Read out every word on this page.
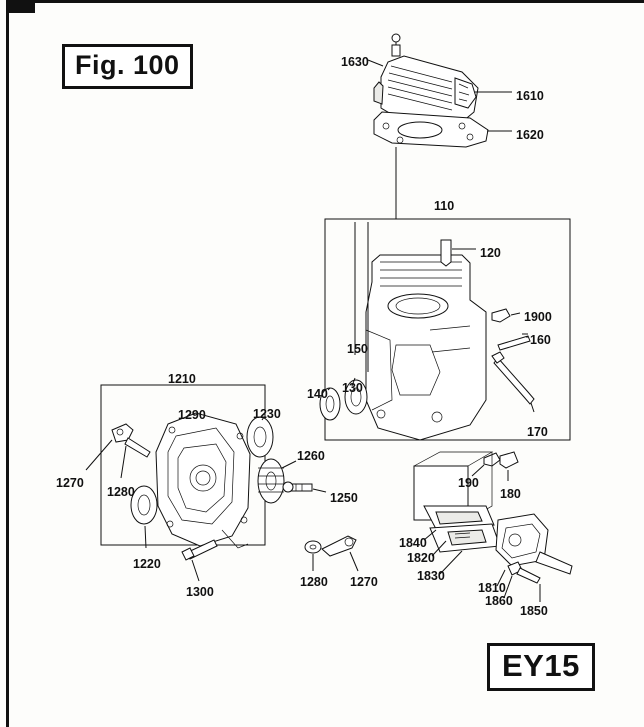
Fig. 100
EY15
1630
1610
1620
110
120
1900
160
150
130
140
170
1210
1290	1230
1260
1270
1280	1250
1220
1300
1280 1270
190
180
1840
1820
1830
1810
1860
1850
